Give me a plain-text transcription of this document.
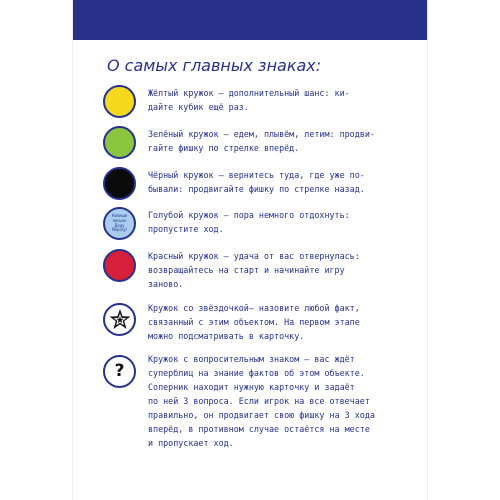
О самых главных знаках:
Жёлтый кружок — дополнительный шанс: ки-
дайте кубик ещё раз.
Зелёный кружок — едем, плывём, летим: продви-
гайте фишку по стрелке вперёд.
Чёрный кружок — вернитесь туда, где уже по-
бывали: продвигайте фишку по стрелке назад.
Напиши
письмо
Деду
Морозу!
Голубой кружок — пора немного отдохнуть:
пропустите ход.
Красный кружок — удача от вас отвернулась:
возвращайтесь на старт и начинайте игру
заново.
Кружок со звёздочкой— назовите любой факт,
связанный с этим объектом. На первом этапе
можно подсматривать в карточку.
?
Кружок с вопросительным знаком — вас ждёт
суперблиц на знание фактов об этом объекте.
Соперник находит нужную карточку и задаёт
по ней 3 вопроса. Если игрок на все отвечает
правильно, он продвигает свою фишку на 3 хода
вперёд, в противном случае остаётся на месте
и пропускает ход.
